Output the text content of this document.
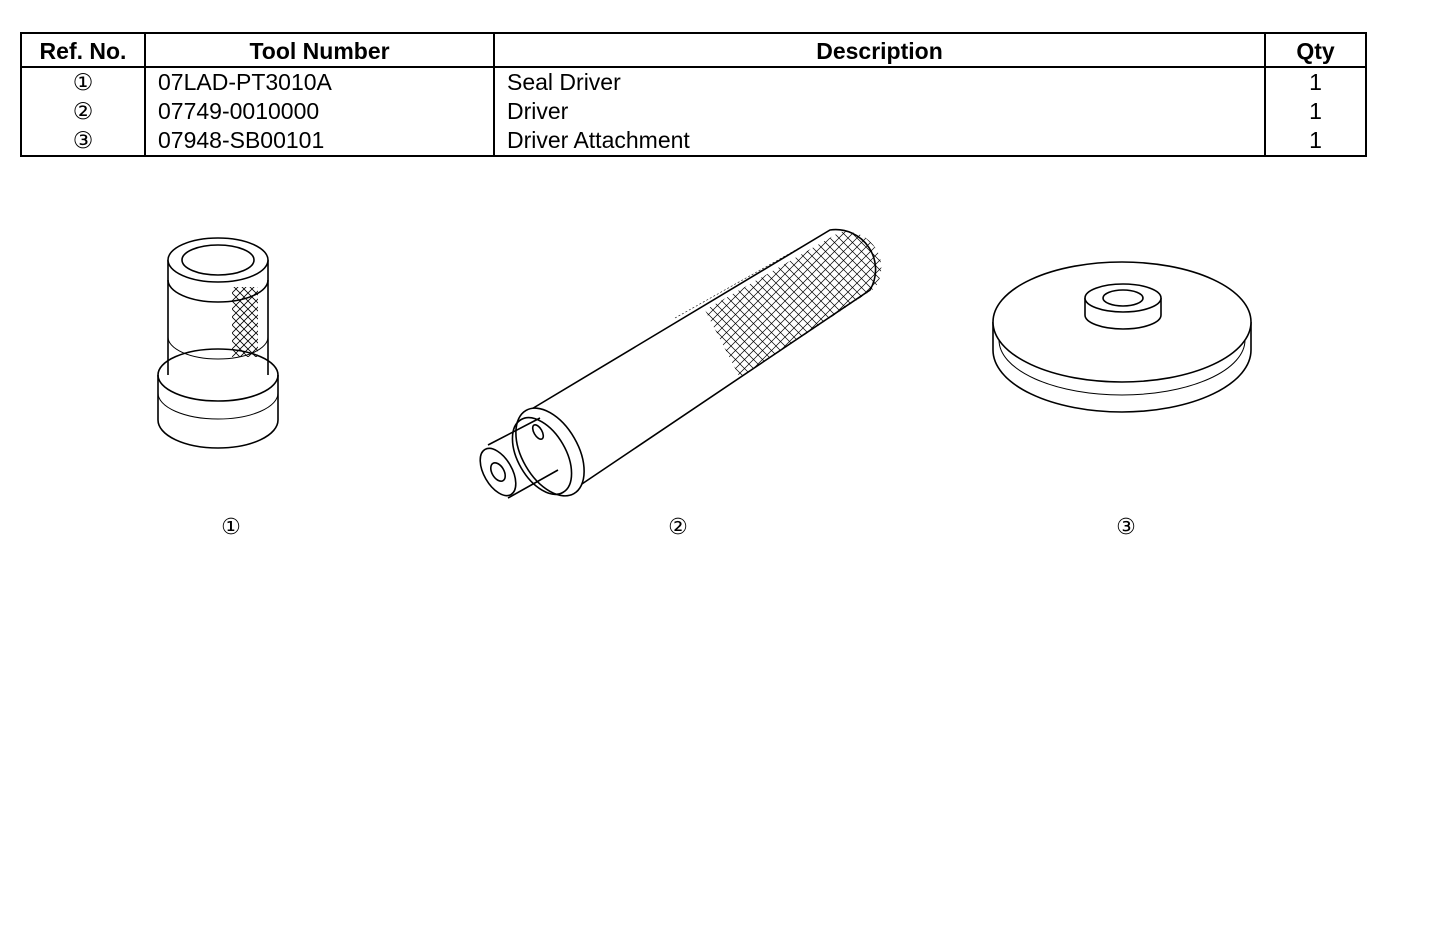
Ref. No.	Tool Number	Description	Qty
①	07LAD-PT3010A	Seal Driver	1
②	07749-0010000	Driver	1
③	07948-SB00101	Driver Attachment	1
①	②	③
